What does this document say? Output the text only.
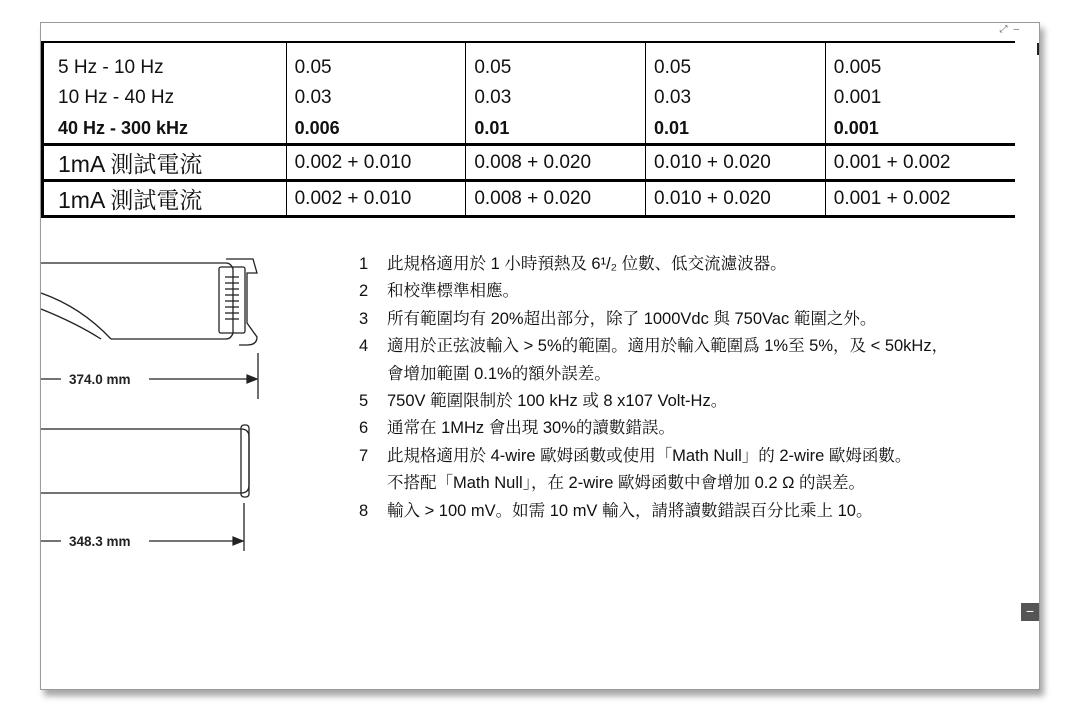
⤢–
5 Hz - 10 Hz	0.05	0.05	0.05	0.005
10 Hz - 40 Hz	0.03	0.03	0.03	0.001
40 Hz - 300 kHz	0.006	0.01	0.01	0.001
1mA 測試電流	0.002 + 0.010	0.008 + 0.020	0.010 + 0.020	0.001 + 0.002
1mA 測試電流	0.002 + 0.010	0.008 + 0.020	0.010 + 0.020	0.001 + 0.002
374.0 mm
348.3 mm
1 此規格適用於 1 小時預熱及 6¹/₂ 位數、低交流濾波器。
2 和校準標準相應。
3 所有範圍均有 20%超出部分，除了 1000Vdc 與 750Vac 範圍之外。
4 適用於正弦波輸入 > 5%的範圍。適用於輸入範圍爲 1%至 5%，及 < 50kHz，
會增加範圍 0.1%的額外誤差。
5 750V 範圍限制於 100 kHz 或 8 x107 Volt-Hz。
6 通常在 1MHz 會出現 30%的讀數錯誤。
7 此規格適用於 4-wire 歐姆函數或使用「Math Null」的 2-wire 歐姆函數。
不搭配「Math Null」，在 2-wire 歐姆函數中會增加 0.2 Ω 的誤差。
8 輸入 > 100 mV。如需 10 mV 輸入，請將讀數錯誤百分比乘上 10。
−
